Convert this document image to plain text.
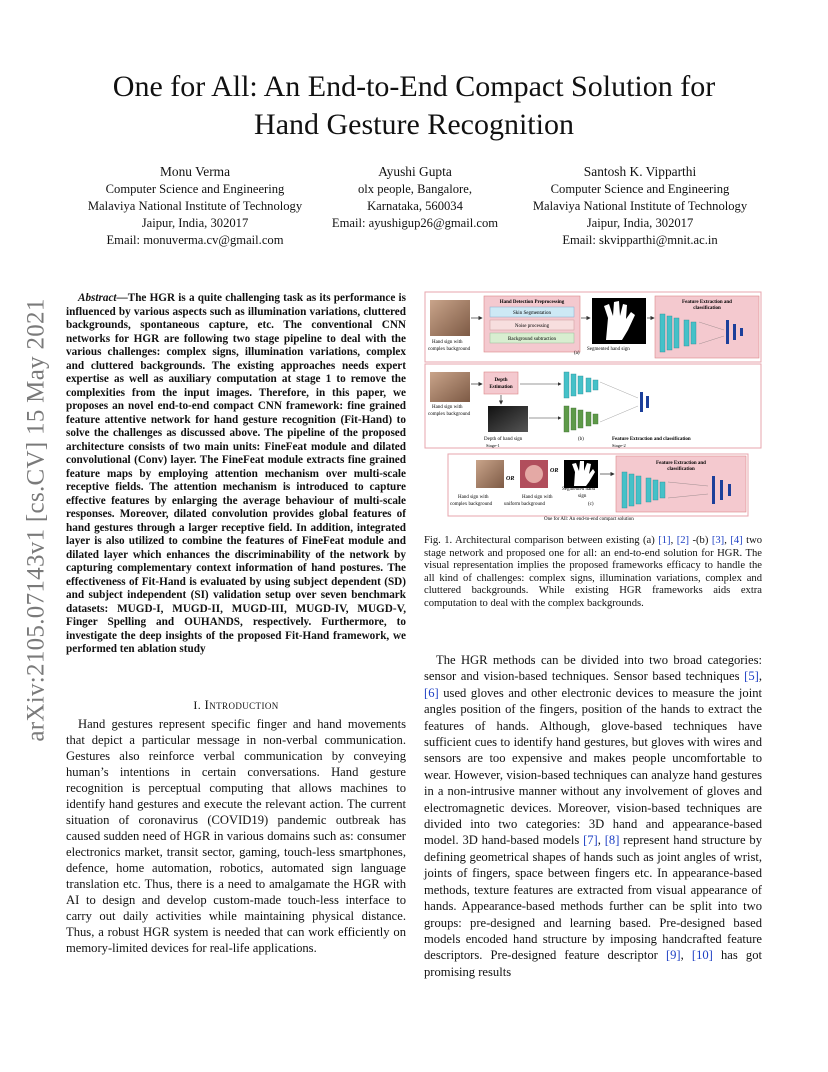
arXiv:2105.07143v1 [cs.CV] 15 May 2021
One for All: An End-to-End Compact Solution for
Hand Gesture Recognition
Monu Verma
Computer Science and Engineering
Malaviya National Institute of Technology
Jaipur, India, 302017
Email: monuverma.cv@gmail.com
Ayushi Gupta
olx people, Bangalore,
Karnataka, 560034
Email: ayushigup26@gmail.com
Santosh K. Vipparthi
Computer Science and Engineering
Malaviya National Institute of Technology
Jaipur, India, 302017
Email: skvipparthi@mnit.ac.in

Abstract—The HGR is a quite challenging task as its performance is influenced by various aspects such as illumination variations, cluttered backgrounds, spontaneous capture, etc. The conventional CNN networks for HGR are following two stage pipeline to deal with the various challenges: complex signs, illumination variations, complex and cluttered backgrounds. The existing approaches needs expert expertise as well as auxiliary computation at stage 1 to remove the complexities from the input images. Therefore, in this paper, we proposes an novel end-to-end compact CNN framework: fine grained feature attentive network for hand gesture recognition (Fit-Hand) to solve the challenges as discussed above. The pipeline of the proposed architecture consists of two main units: FineFeat module and dilated convolutional (Conv) layer. The FineFeat module extracts fine grained feature maps by employing attention mechanism over multi-scale receptive fields. The attention mechanism is introduced to capture effective features by enlarging the average behaviour of multi-scale responses. Moreover, dilated convolution provides global features of hand gestures through a larger receptive field. In addition, integrated layer is also utilized to combine the features of FineFeat module and dilated layer which enhances the discriminability of the network by capturing complementary context information of hand postures. The effectiveness of Fit-Hand is evaluated by using subject dependent (SD) and subject independent (SI) validation setup over seven benchmark datasets: MUGD-I, MUGD-II, MUGD-III, MUGD-IV, MUGD-V, Finger Spelling and OUHANDS, respectively. Furthermore, to investigate the deep insights of the proposed Fit-Hand framework, we performed ten ablation study

I. Introduction

Hand gestures represent specific finger and hand movements that depict a particular message in non-verbal communication. Gestures also reinforce verbal communication by conveying human’s intentions in certain conversations. Hand gesture recognition is perceptual computing that allows machines to identify hand gestures and execute the relevant action. The current situation of coronavirus (COVID19) pandemic outbreak has caused sudden need of HGR in various domains such as: consumer electronics market, transit sector, gaming, touch-less smartphones, defence, home automation, robotics, automated sign language translation etc. Thus, there is a need to amalgamate the HGR with AI to design and develop custom-made touch-less interface to carry out daily activities while maintaining physical distance. Thus, a robust HGR system is needed that can work efficiently on memory-limited devices for real-life applications.

Hand sign with
complex background
Hand Detection Preprocessing
Skin Segmentation
Noise processing
Background subtraction
Segmented hand sign
(a)
Feature Extraction and
classification
Hand sign with
complex background
Depth
Estimation
Depth of hand sign
Stage-1
(b)	Feature Extraction and classification
Stage-2
OR
OR
Hand sign with
complex background
Hand sign with
uniform background
Segmented hand
sign
(c)
Feature Extraction and
classification
One for All: An end-to-end compact solution

Fig. 1. Architectural comparison between existing (a) [1], [2] -(b) [3], [4] two stage network and proposed one for all: an end-to-end solution for HGR. The visual representation implies the proposed frameworks efficacy to handle the all kind of challenges: complex signs, illumination variations, complex and cluttered backgrounds. While existing HGR frameworks aids extra computation to deal with the complex backgrounds.

The HGR methods can be divided into two broad categories: sensor and vision-based techniques. Sensor based techniques [5], [6] used gloves and other electronic devices to measure the joint angles position of the fingers, position of the hands to extract the features of hands. Although, glove-based techniques have sufficient cues to identify hand gestures, but gloves with wires and sensors are too expensive and makes people uncomfortable to wear. However, vision-based techniques can analyze hand gestures in a non-intrusive manner without any involvement of gloves and electromagnetic devices. Moreover, vision-based techniques are divided into two categories: 3D hand and appearance-based model. 3D hand-based models [7], [8] represent hand structure by defining geometrical shapes of hands such as joint angles of wrist, joints of fingers, space between fingers etc. In appearance-based methods, texture features are extracted from visual appearance of hands. Appearance-based methods further can be split into two groups: pre-designed and learning based. Pre-designed based models encoded hand structure by imposing handcrafted feature descriptors. Pre-designed feature descriptor [9], [10] has got promising results
